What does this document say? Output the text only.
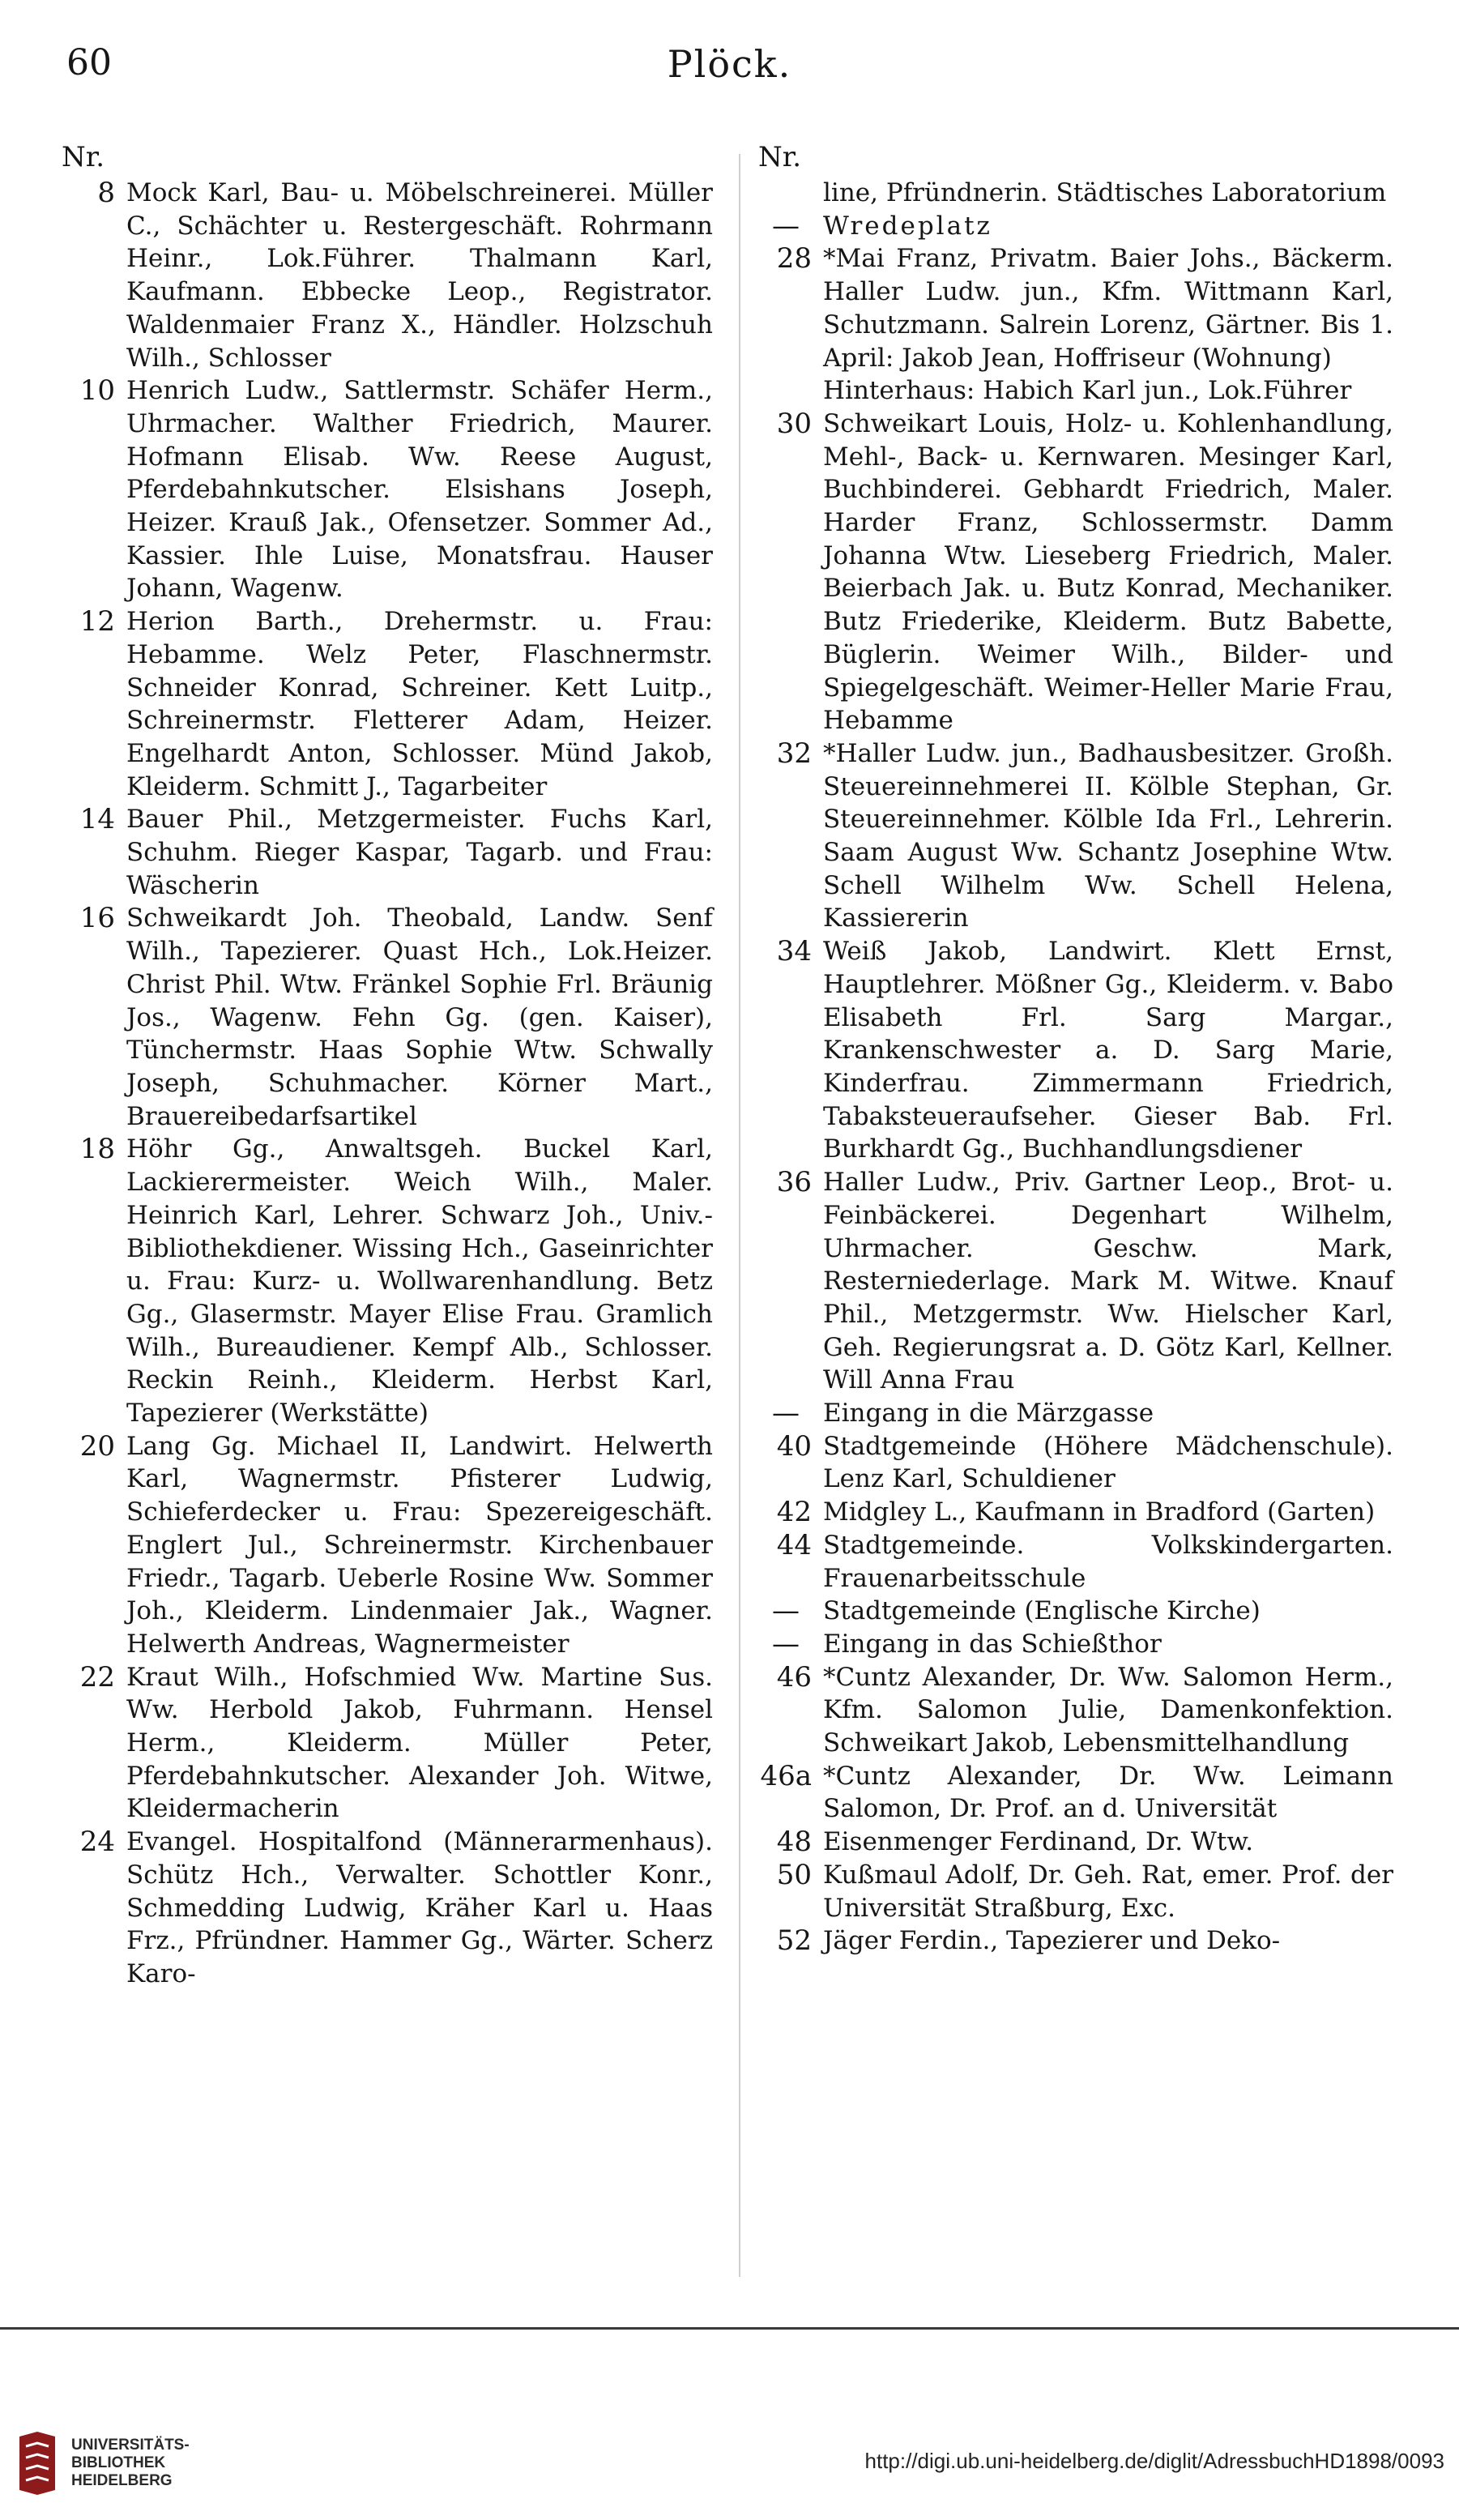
60	Plöck.
Nr.
8 Mock Karl, Bau- u. Möbelschreinerei. Müller C., Schächter u. Restergeschäft. Rohrmann Heinr., Lok.Führer. Thalmann Karl, Kaufmann. Ebbecke Leop., Registrator. Waldenmaier Franz X., Händler. Holzschuh Wilh., Schlosser
10 Henrich Ludw., Sattlermstr. Schäfer Herm., Uhrmacher. Walther Friedrich, Maurer. Hofmann Elisab. Ww. Reese August, Pferdebahnkutscher. Elsishans Joseph, Heizer. Krauß Jak., Ofensetzer. Sommer Ad., Kassier. Ihle Luise, Monatsfrau. Hauser Johann, Wagenw.
12 Herion Barth., Drehermstr. u. Frau: Hebamme. Welz Peter, Flaschnermstr. Schneider Konrad, Schreiner. Kett Luitp., Schreinermstr. Fletterer Adam, Heizer. Engelhardt Anton, Schlosser. Münd Jakob, Kleiderm. Schmitt J., Tagarbeiter
14 Bauer Phil., Metzgermeister. Fuchs Karl, Schuhm. Rieger Kaspar, Tagarb. und Frau: Wäscherin
16 Schweikardt Joh. Theobald, Landw. Senf Wilh., Tapezierer. Quast Hch., Lok.Heizer. Christ Phil. Wtw. Fränkel Sophie Frl. Bräunig Jos., Wagenw. Fehn Gg. (gen. Kaiser), Tünchermstr. Haas Sophie Wtw. Schwally Joseph, Schuhmacher. Körner Mart., Brauereibedarfsartikel
18 Höhr Gg., Anwaltsgeh. Buckel Karl, Lackierermeister. Weich Wilh., Maler. Heinrich Karl, Lehrer. Schwarz Joh., Univ.-Bibliothekdiener. Wissing Hch., Gaseinrichter u. Frau: Kurz- u. Wollwarenhandlung. Betz Gg., Glasermstr. Mayer Elise Frau. Gramlich Wilh., Bureaudiener. Kempf Alb., Schlosser. Reckin Reinh., Kleiderm. Herbst Karl, Tapezierer (Werkstätte)
20 Lang Gg. Michael II, Landwirt. Helwerth Karl, Wagnermstr. Pfisterer Ludwig, Schieferdecker u. Frau: Spezereigeschäft. Englert Jul., Schreinermstr. Kirchenbauer Friedr., Tagarb. Ueberle Rosine Ww. Sommer Joh., Kleiderm. Lindenmaier Jak., Wagner. Helwerth Andreas, Wagnermeister
22 Kraut Wilh., Hofschmied Ww. Martine Sus. Ww. Herbold Jakob, Fuhrmann. Hensel Herm., Kleiderm. Müller Peter, Pferdebahnkutscher. Alexander Joh. Witwe, Kleidermacherin
24 Evangel. Hospitalfond (Männerarmenhaus). Schütz Hch., Verwalter. Schottler Konr., Schmedding Ludwig, Kräher Karl u. Haas Frz., Pfründner. Hammer Gg., Wärter. Scherz Karo-
Nr.
line, Pfründnerin. Städtisches Laboratorium
— Wredeplatz
28 *Mai Franz, Privatm. Baier Johs., Bäckerm. Haller Ludw. jun., Kfm. Wittmann Karl, Schutzmann. Salrein Lorenz, Gärtner. Bis 1. April: Jakob Jean, Hoffriseur (Wohnung)
Hinterhaus: Habich Karl jun., Lok.Führer
30 Schweikart Louis, Holz- u. Kohlenhandlung, Mehl-, Back- u. Kernwaren. Mesinger Karl, Buchbinderei. Gebhardt Friedrich, Maler. Harder Franz, Schlossermstr. Damm Johanna Wtw. Lieseberg Friedrich, Maler. Beierbach Jak. u. Butz Konrad, Mechaniker. Butz Friederike, Kleiderm. Butz Babette, Büglerin. Weimer Wilh., Bilder- und Spiegelgeschäft. Weimer-Heller Marie Frau, Hebamme
32 *Haller Ludw. jun., Badhausbesitzer. Großh. Steuereinnehmerei II. Kölble Stephan, Gr. Steuereinnehmer. Kölble Ida Frl., Lehrerin. Saam August Ww. Schantz Josephine Wtw. Schell Wilhelm Ww. Schell Helena, Kassiererin
34 Weiß Jakob, Landwirt. Klett Ernst, Hauptlehrer. Mößner Gg., Kleiderm. v. Babo Elisabeth Frl. Sarg Margar., Krankenschwester a. D. Sarg Marie, Kinderfrau. Zimmermann Friedrich, Tabaksteueraufseher. Gieser Bab. Frl. Burkhardt Gg., Buchhandlungsdiener
36 Haller Ludw., Priv. Gartner Leop., Brot- u. Feinbäckerei. Degenhart Wilhelm, Uhrmacher. Geschw. Mark, Resterniederlage. Mark M. Witwe. Knauf Phil., Metzgermstr. Ww. Hielscher Karl, Geh. Regierungsrat a. D. Götz Karl, Kellner. Will Anna Frau
— Eingang in die Märzgasse
40 Stadtgemeinde (Höhere Mädchenschule). Lenz Karl, Schuldiener
42 Midgley L., Kaufmann in Bradford (Garten)
44 Stadtgemeinde. Volkskindergarten. Frauenarbeitsschule
— Stadtgemeinde (Englische Kirche)
— Eingang in das Schießthor
46 *Cuntz Alexander, Dr. Ww. Salomon Herm., Kfm. Salomon Julie, Damenkonfektion. Schweikart Jakob, Lebensmittelhandlung
46a *Cuntz Alexander, Dr. Ww. Leimann Salomon, Dr. Prof. an d. Universität
48 Eisenmenger Ferdinand, Dr. Wtw.
50 Kußmaul Adolf, Dr. Geh. Rat, emer. Prof. der Universität Straßburg, Exc.
52 Jäger Ferdin., Tapezierer und Deko-
UNIVERSITÄTS-
BIBLIOTHEK
HEIDELBERG
http://digi.ub.uni-heidelberg.de/diglit/AdressbuchHD1898/0093
